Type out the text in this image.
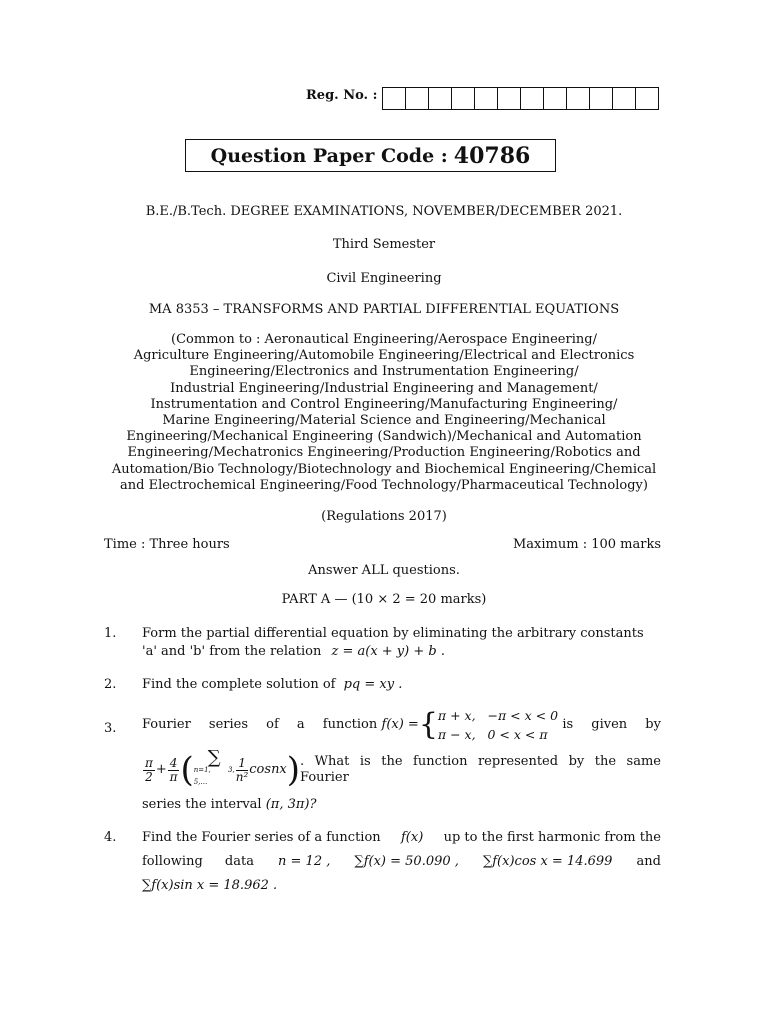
Reg. No. :
Question Paper Code : 40786
B.E./B.Tech. DEGREE EXAMINATIONS, NOVEMBER/DECEMBER 2021.
Third Semester
Civil Engineering
MA 8353 – TRANSFORMS AND PARTIAL DIFFERENTIAL EQUATIONS
(Common to : Aeronautical Engineering/Aerospace Engineering/
Agriculture Engineering/Automobile Engineering/Electrical and Electronics
Engineering/Electronics and Instrumentation Engineering/
Industrial Engineering/Industrial Engineering and Management/
Instrumentation and Control Engineering/Manufacturing Engineering/
Marine Engineering/Material Science and Engineering/Mechanical
Engineering/Mechanical Engineering (Sandwich)/Mechanical and Automation
Engineering/Mechatronics Engineering/Production Engineering/Robotics and
Automation/Bio Technology/Biotechnology and Biochemical Engineering/Chemical
and Electrochemical Engineering/Food Technology/Pharmaceutical Technology)
(Regulations 2017)
Time : Three hours	Maximum : 100 marks
Answer ALL questions.
PART A — (10 × 2 = 20 marks)
1. Form the partial differential equation by eliminating the arbitrary constants
'a' and 'b' from the relation z = a(x + y) + b .
2. Find the complete solution of pq = xy .
3. Fourier series of a function f(x) = { π + x,   −π < x < 0
π − x,   0 < x < π
is given by
$\frac{\pi}{2} + \frac{4}{\pi}$ ( ∑
n=1, 3, 5,…	$\frac{1}{\text{n²}}$ cos nx ) . What is the function represented by the same Fourier
series the interval (π, 3π)?
4. Find the Fourier series of a function f(x) up to the first harmonic from the
following data n = 12 , ∑f(x) = 50.090 , ∑f(x)cos x = 14.699 and
∑f(x)sin x = 18.962 .
